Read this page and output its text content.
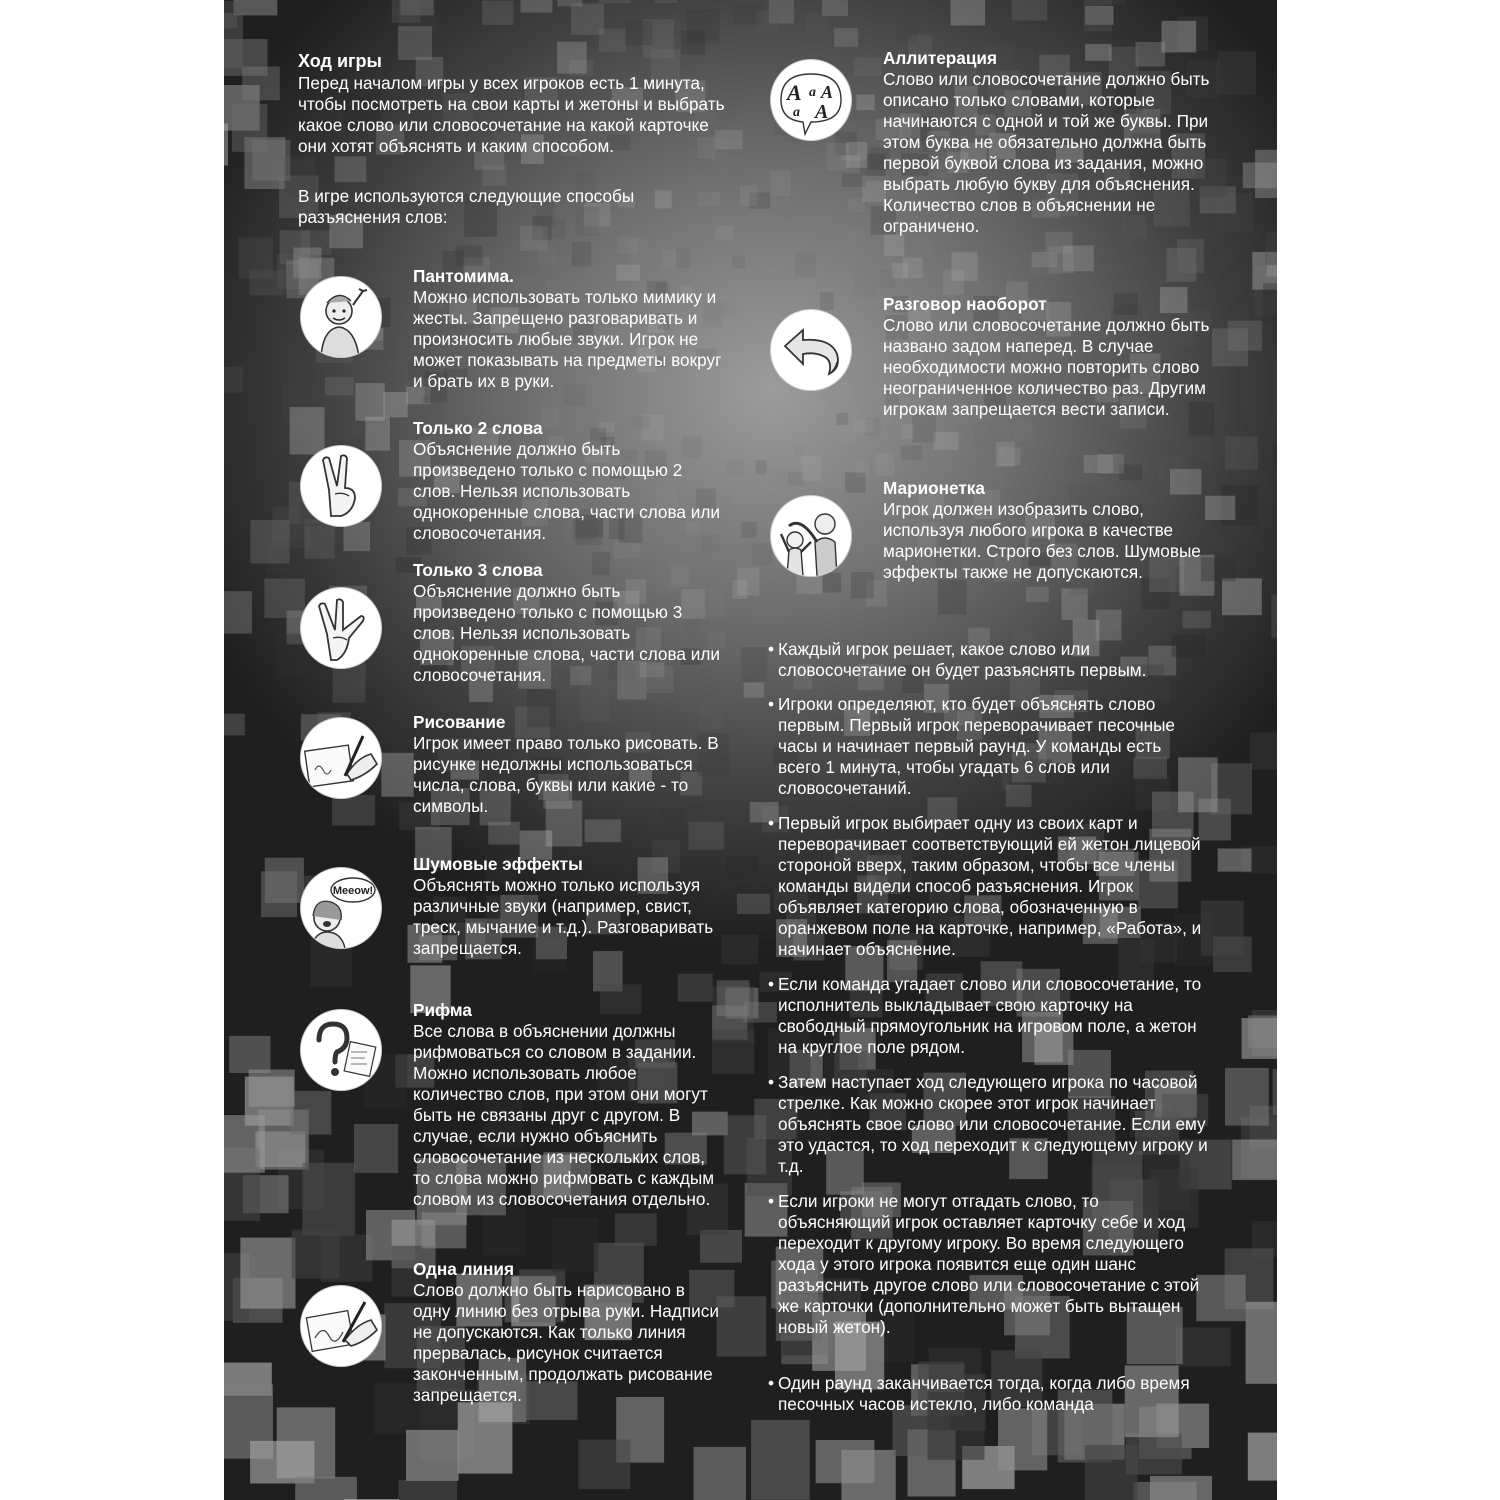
Ход игры

Перед началом игры у всех игроков есть 1 минута, чтобы посмотреть на свои карты и жетоны и выбрать какое слово или словосочетание на какой карточке они хотят объяснять и каким способом.

В игре используются следующие способы разъяснения слов:

Пантомима.
Можно использовать только мимику и жесты. Запрещено разговаривать и произносить любые звуки. Игрок не может показывать на предметы вокруг и брать их в руки.

Только 2 слова
Объяснение должно быть произведено только с помощью 2 слов. Нельзя использовать однокоренные слова, части слова или словосочетания.

Только 3 слова
Объяснение должно быть произведено только с помощью 3 слов. Нельзя использовать однокоренные слова, части слова или словосочетания.

Рисование
Игрок имеет право только рисовать. В рисунке недолжны использоваться числа, слова, буквы или какие - то символы.

Meeow!

Шумовые эффекты
Объяснять можно только используя различные звуки (например, свист, треск, мычание и т.д.). Разговаривать запрещается.

Рифма
Все слова в объяснении должны рифмоваться со словом в задании. Можно использовать любое количество слов, при этом они могут быть не связаны друг с другом. В случае, если нужно объяснить словосочетание из нескольких слов, то слова можно рифмовать с каждым словом из словосочетания отдельно.

Одна линия
Слово должно быть нарисовано в одну линию без отрыва руки. Надписи не допускаются. Как только линия прервалась, рисунок считается законченным, продолжать рисование запрещается.

A a A
a A

Аллитерация
Слово или словосочетание должно быть описано только словами, которые начинаются с одной и той же буквы. При этом буква не обязательно должна быть первой буквой слова из задания, можно выбрать любую букву для объяснения. Количество слов в объяснении не ограничено.

Разговор наоборот
Слово или словосочетание должно быть названо задом наперед. В случае необходимости можно повторить слово неограниченное количество раз. Другим игрокам запрещается вести записи.

Марионетка
Игрок должен изобразить слово, используя любого игрока в качестве марионетки. Строго без слов. Шумовые эффекты также не допускаются.

• Каждый игрок решает, какое слово или словосочетание он будет разъяснять первым.

• Игроки определяют, кто будет объяснять слово первым. Первый игрок переворачивает песочные часы и начинает первый раунд. У команды есть всего 1 минута, чтобы угадать 6 слов или словосочетаний.

• Первый игрок выбирает одну из своих карт и переворачивает соответствующий ей жетон лицевой стороной вверх, таким образом, чтобы все члены команды видели способ разъяснения. Игрок объявляет категорию слова, обозначенную в оранжевом поле на карточке, например, «Работа», и начинает объяснение.

• Если команда угадает слово или словосочетание, то исполнитель выкладывает свою карточку на свободный прямоугольник на игровом поле, а жетон на круглое поле рядом.

• Затем наступает ход следующего игрока по часовой стрелке. Как можно скорее этот игрок начинает объяснять свое слово или словосочетание. Если ему это удастся, то ход переходит к следующему игроку и т.д.

• Если игроки не могут отгадать слово, то объясняющий игрок оставляет карточку себе и ход переходит к другому игроку. Во время следующего хода у этого игрока появится еще один шанс разъяснить другое слово или словосочетание с этой же карточки (дополнительно может быть вытащен новый жетон).

• Один раунд заканчивается тогда, когда либо время песочных часов истекло, либо команда
